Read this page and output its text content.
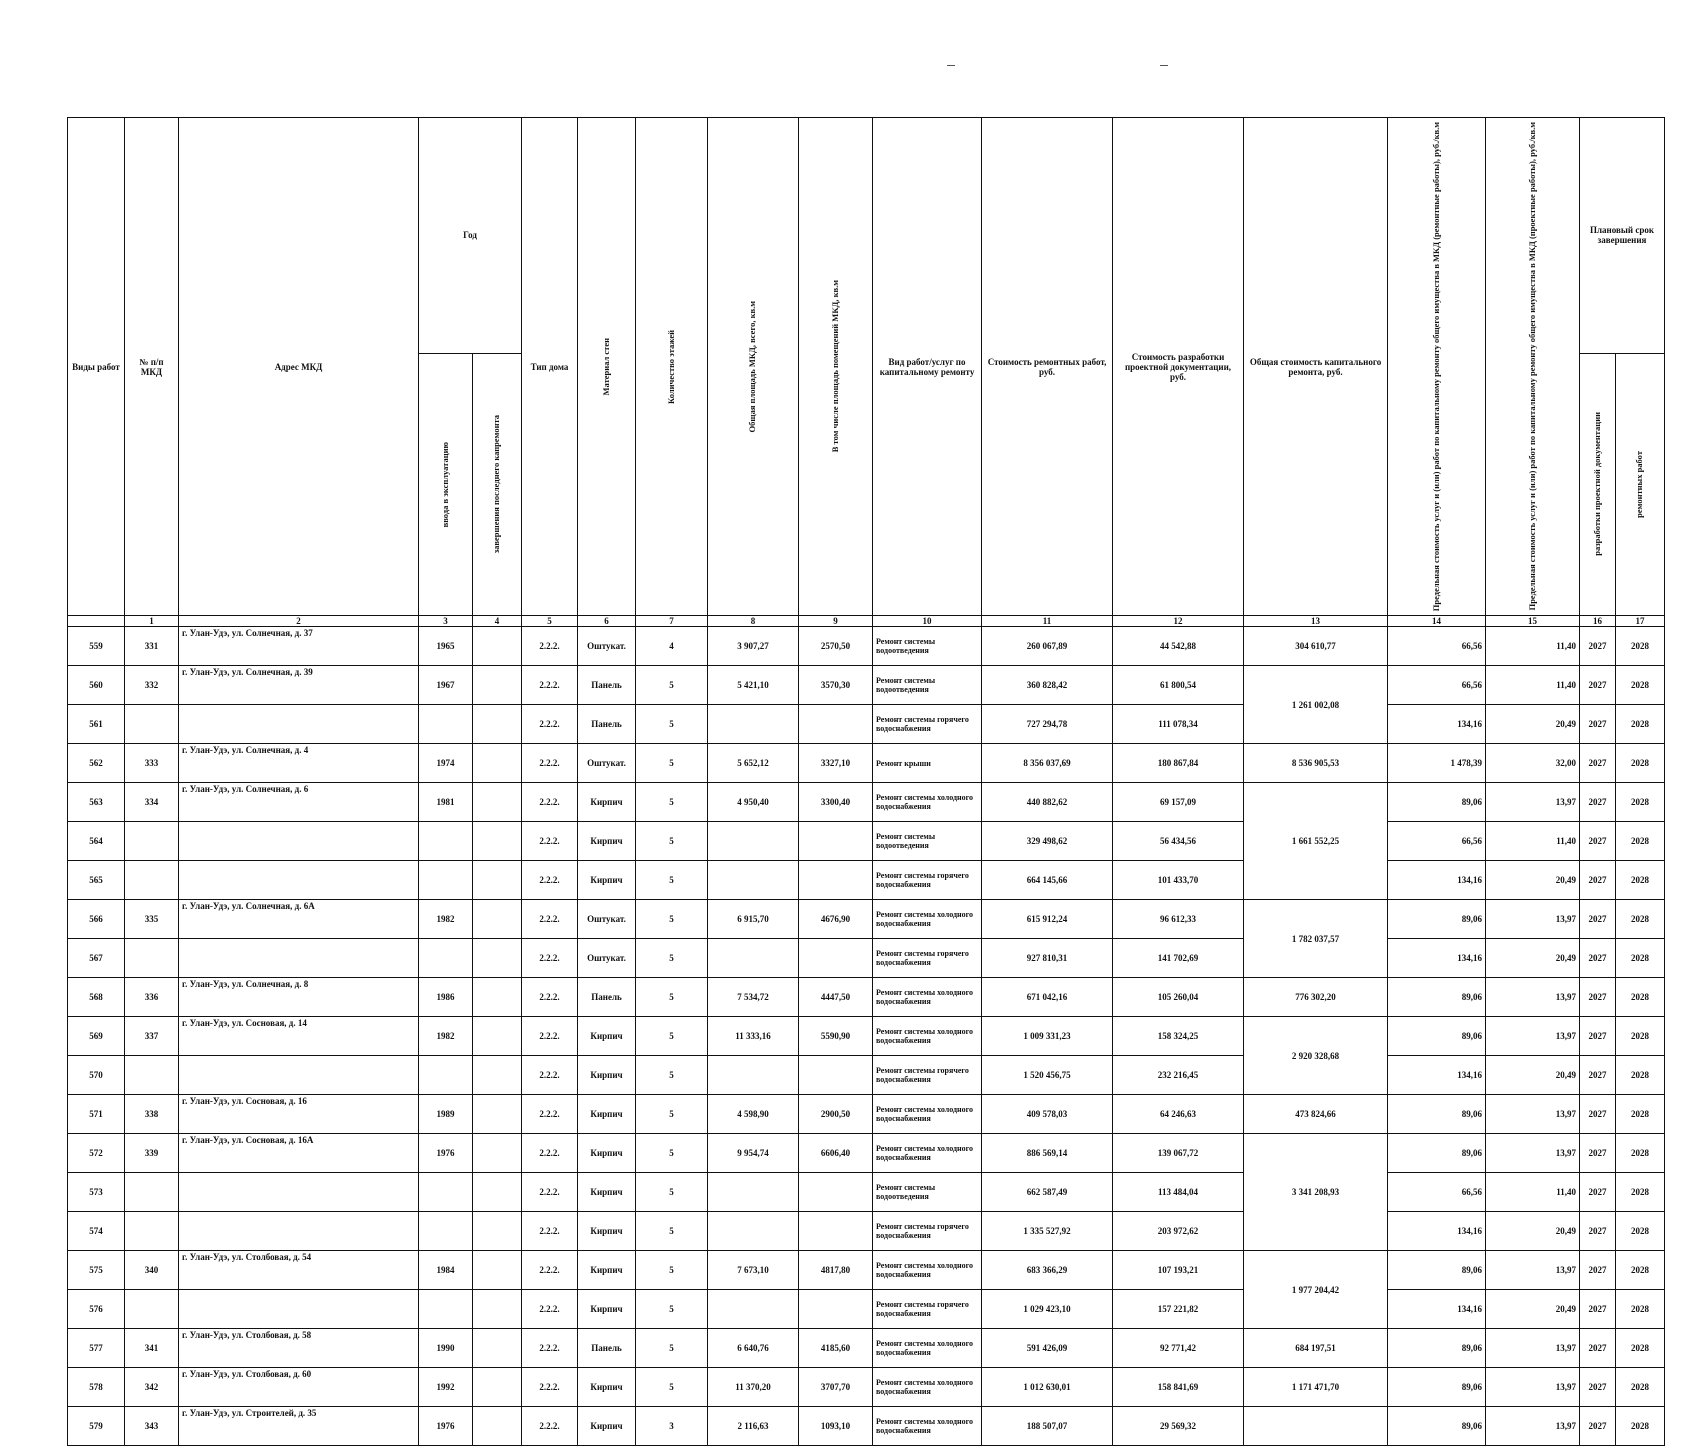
Виды работ	№ п/п МКД	Адрес МКД	Год		Тип дома	Материал стен	Количество этажей	Общая площадь МКД, всего, кв.м	В том числе площадь помещений МКД, кв.м	Вид работ/услуг по капитальному ремонту	Стоимость ремонтных работ, руб.	Стоимость разработки проектной документации, руб.	Общая стоимость капитального ремонта, руб.	Предельная стоимость услуг и (или) работ по капитальному ремонту общего имущества в МКД (ремонтные работы), руб./кв.м	Предельная стоимость услуг и (или) работ по капитальному ремонту общего имущества в МКД (проектные работы), руб./кв.м	Плановый срок завершения	

			ввода в эксплуатацию	завершения последнего капремонта												разработки проектной документации	ремонтных работ

	1	2	3	4	5	6	7	8	9	10	11	12	13	14	15	16	17
559	331	г. Улан-Удэ, ул. Солнечная, д. 37	1965		2.2.2.	Оштукат.	4	3 907,27	2570,50	Ремонт системы водоотведения	260 067,89	44 542,88	304 610,77	66,56	11,40	2027	2028
560	332	г. Улан-Удэ, ул. Солнечная, д. 39	1967		2.2.2.	Панель	5	5 421,10	3570,30	Ремонт системы водоотведения	360 828,42	61 800,54	1 261 002,08	66,56	11,40	2027	2028
561					2.2.2.	Панель	5			Ремонт системы горячего водоснабжения	727 294,78	111 078,34		134,16	20,49	2027	2028
562	333	г. Улан-Удэ, ул. Солнечная, д. 4	1974		2.2.2.	Оштукат.	5	5 652,12	3327,10	Ремонт крыши	8 356 037,69	180 867,84	8 536 905,53	1 478,39	32,00	2027	2028
563	334	г. Улан-Удэ, ул. Солнечная, д. 6	1981		2.2.2.	Кирпич	5	4 950,40	3300,40	Ремонт системы холодного водоснабжения	440 882,62	69 157,09	1 661 552,25	89,06	13,97	2027	2028
564					2.2.2.	Кирпич	5			Ремонт системы водоотведения	329 498,62	56 434,56		66,56	11,40	2027	2028
565					2.2.2.	Кирпич	5			Ремонт системы горячего водоснабжения	664 145,66	101 433,70		134,16	20,49	2027	2028
566	335	г. Улан-Удэ, ул. Солнечная, д. 6А	1982		2.2.2.	Оштукат.	5	6 915,70	4676,90	Ремонт системы холодного водоснабжения	615 912,24	96 612,33	1 782 037,57	89,06	13,97	2027	2028
567					2.2.2.	Оштукат.	5			Ремонт системы горячего водоснабжения	927 810,31	141 702,69		134,16	20,49	2027	2028
568	336	г. Улан-Удэ, ул. Солнечная, д. 8	1986		2.2.2.	Панель	5	7 534,72	4447,50	Ремонт системы холодного водоснабжения	671 042,16	105 260,04	776 302,20	89,06	13,97	2027	2028
569	337	г. Улан-Удэ, ул. Сосновая, д. 14	1982		2.2.2.	Кирпич	5	11 333,16	5590,90	Ремонт системы холодного водоснабжения	1 009 331,23	158 324,25	2 920 328,68	89,06	13,97	2027	2028
570					2.2.2.	Кирпич	5			Ремонт системы горячего водоснабжения	1 520 456,75	232 216,45		134,16	20,49	2027	2028
571	338	г. Улан-Удэ, ул. Сосновая, д. 16	1989		2.2.2.	Кирпич	5	4 598,90	2900,50	Ремонт системы холодного водоснабжения	409 578,03	64 246,63	473 824,66	89,06	13,97	2027	2028
572	339	г. Улан-Удэ, ул. Сосновая, д. 16А	1976		2.2.2.	Кирпич	5	9 954,74	6606,40	Ремонт системы холодного водоснабжения	886 569,14	139 067,72	3 341 208,93	89,06	13,97	2027	2028
573					2.2.2.	Кирпич	5			Ремонт системы водоотведения	662 587,49	113 484,04		66,56	11,40	2027	2028
574					2.2.2.	Кирпич	5			Ремонт системы горячего водоснабжения	1 335 527,92	203 972,62		134,16	20,49	2027	2028
575	340	г. Улан-Удэ, ул. Столбовая, д. 54	1984		2.2.2.	Кирпич	5	7 673,10	4817,80	Ремонт системы холодного водоснабжения	683 366,29	107 193,21	1 977 204,42	89,06	13,97	2027	2028
576					2.2.2.	Кирпич	5			Ремонт системы горячего водоснабжения	1 029 423,10	157 221,82		134,16	20,49	2027	2028
577	341	г. Улан-Удэ, ул. Столбовая, д. 58	1990		2.2.2.	Панель	5	6 640,76	4185,60	Ремонт системы холодного водоснабжения	591 426,09	92 771,42	684 197,51	89,06	13,97	2027	2028
578	342	г. Улан-Удэ, ул. Столбовая, д. 60	1992		2.2.2.	Кирпич	5	11 370,20	3707,70	Ремонт системы холодного водоснабжения	1 012 630,01	158 841,69	1 171 471,70	89,06	13,97	2027	2028
579	343	г. Улан-Удэ, ул. Строителей, д. 35	1976		2.2.2.	Кирпич	3	2 116,63	1093,10	Ремонт системы холодного водоснабжения	188 507,07	29 569,32		89,06	13,97	2027	2028
